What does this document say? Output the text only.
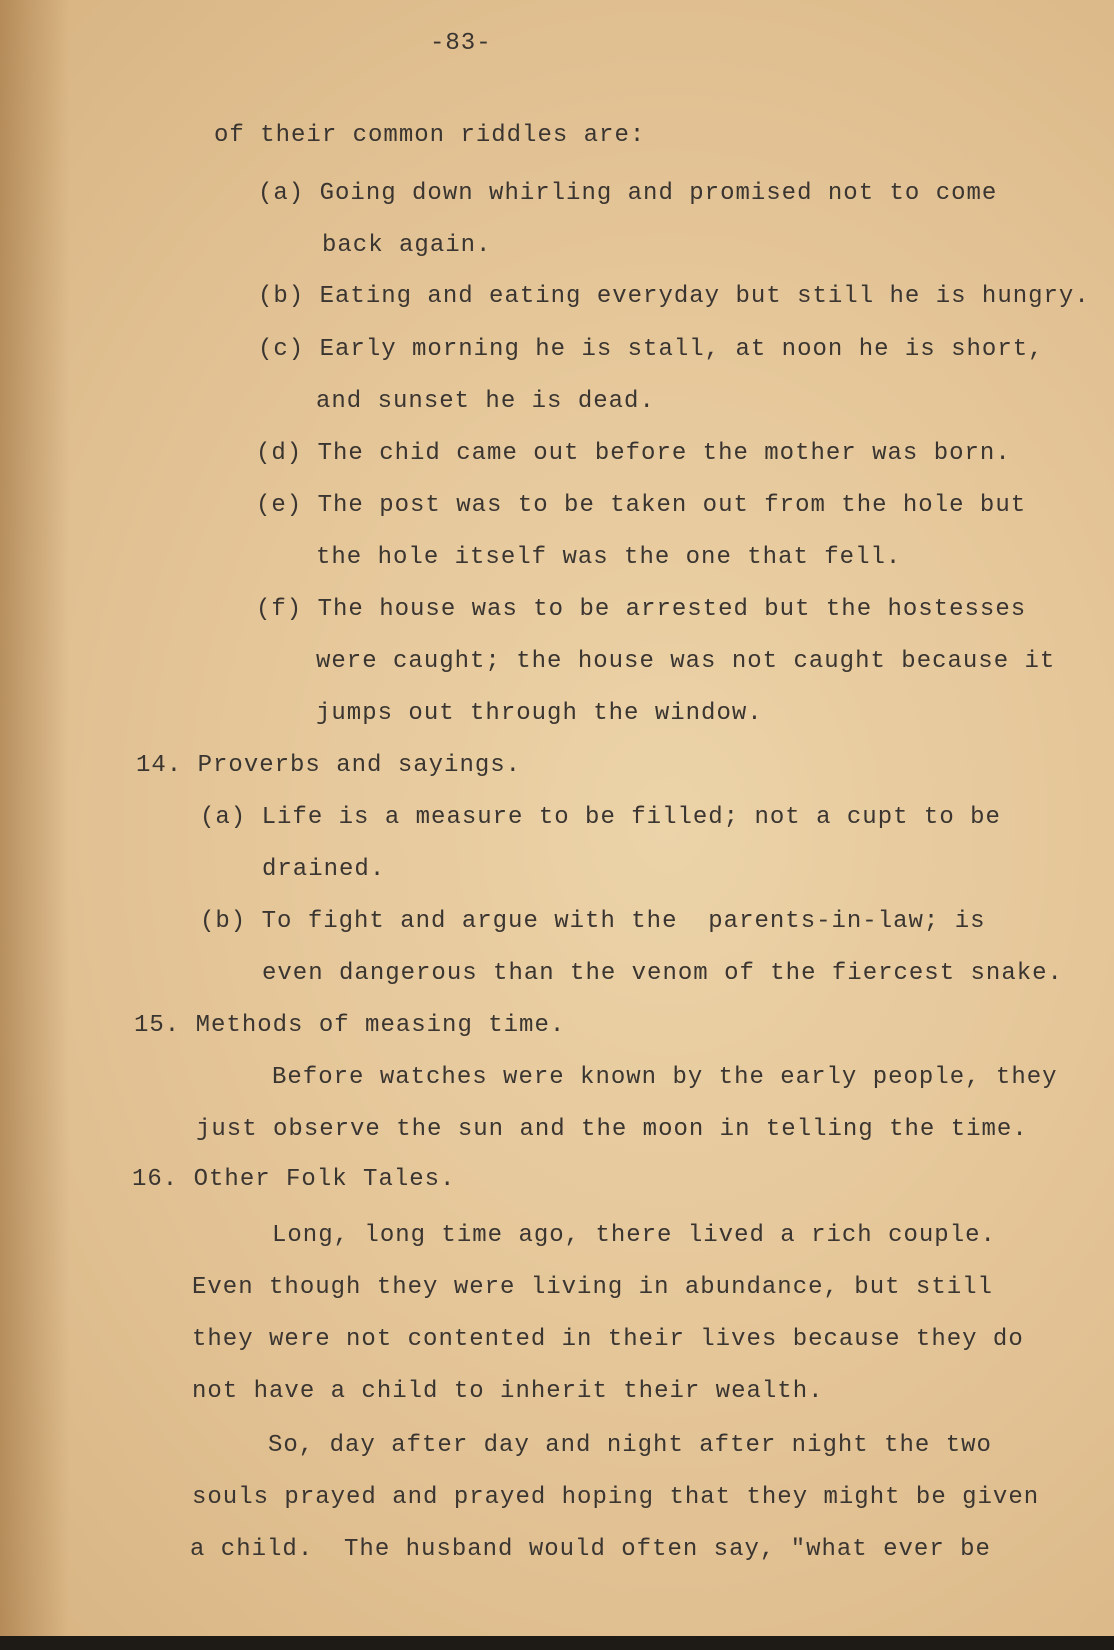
-83-
of their common riddles are:
(a) Going down whirling and promised not to come
back again.
(b) Eating and eating everyday but still he is hungry.
(c) Early morning he is stall, at noon he is short,
and sunset he is dead.
(d) The chid came out before the mother was born.
(e) The post was to be taken out from the hole but
the hole itself was the one that fell.
(f) The house was to be arrested but the hostesses
were caught; the house was not caught because it
jumps out through the window.
14. Proverbs and sayings.
(a) Life is a measure to be filled; not a cupt to be
drained.
(b) To fight and argue with the  parents-in-law; is
even dangerous than the venom of the fiercest snake.
15. Methods of measing time.
Before watches were known by the early people, they
just observe the sun and the moon in telling the time.
16. Other Folk Tales.
Long, long time ago, there lived a rich couple.
Even though they were living in abundance, but still
they were not contented in their lives because they do
not have a child to inherit their wealth.
So, day after day and night after night the two
souls prayed and prayed hoping that they might be given
a child.  The husband would often say, "what ever be
